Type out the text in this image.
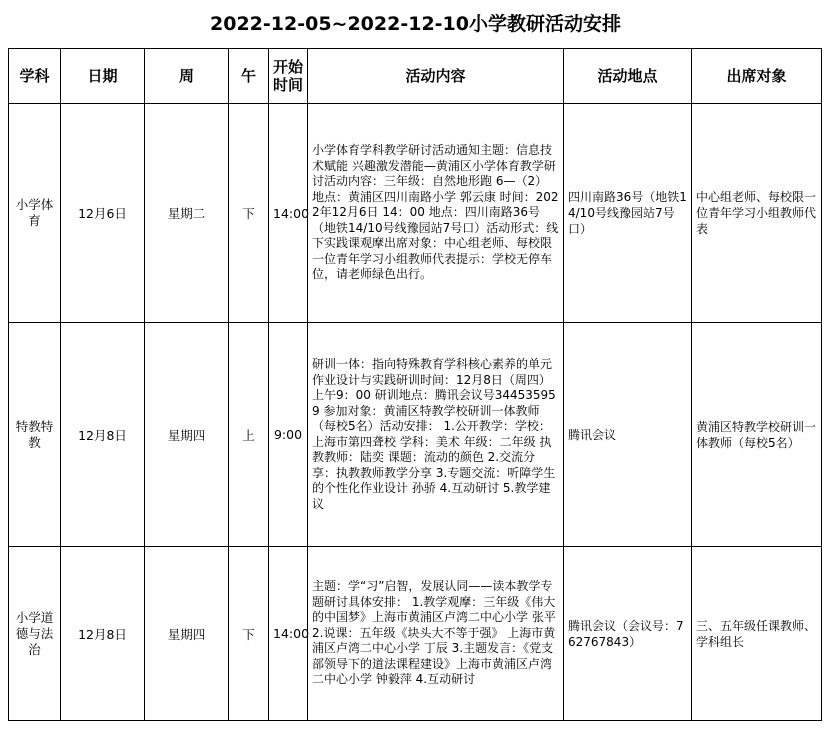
2022-12-05~2022-12-10小学教研活动安排
学科	日期	周	午	开始时间	活动内容	活动地点	出席对象
小学体育	12月6日	星期二	下	14:00	小学体育学科教学研讨活动通知主题：信息技术赋能 兴趣激发潜能—黄浦区小学体育教学研讨活动内容：三年级：自然地形跑 6—（2）地点：黄浦区四川南路小学 郭云康 时间：2022年12月6日 14：00 地点：四川南路36号（地铁14/10号线豫园站7号口）活动形式：线下实践课观摩出席对象：中心组老师、每校限一位青年学习小组教师代表提示：学校无停车位，请老师绿色出行。	四川南路36号（地铁14/10号线豫园站7号口）	中心组老师、每校限一位青年学习小组教师代表
特教特教	12月8日	星期四	上	9:00	研训一体：指向特殊教育学科核心素养的单元作业设计与实践研训时间：12月8日（周四） 上午9：00 研训地点：腾讯会议号344535959 参加对象：黄浦区特教学校研训一体教师（每校5名）活动安排： 1.公开教学：学校：上海市第四聋校 学科：美术 年级：二年级 执教教师：陆奕 课题：流动的颜色 2.交流分享：执教教师教学分享 3.专题交流：听障学生的个性化作业设计 孙骄 4.互动研讨 5.教学建议	腾讯会议	黄浦区特教学校研训一体教师（每校5名）
小学道德与法治	12月8日	星期四	下	14:00	主题：学“习”启智，发展认同——读本教学专题研讨具体安排： 1.教学观摩：三年级《伟大的中国梦》上海市黄浦区卢湾二中心小学 张平 2.说课：五年级《块头大不等于强》 上海市黄浦区卢湾二中心小学 丁辰 3.主题发言：《党支部领导下的道法课程建设》上海市黄浦区卢湾二中心小学 钟毅萍 4.互动研讨	腾讯会议（会议号：762767843）	三、五年级任课教师、学科组长
